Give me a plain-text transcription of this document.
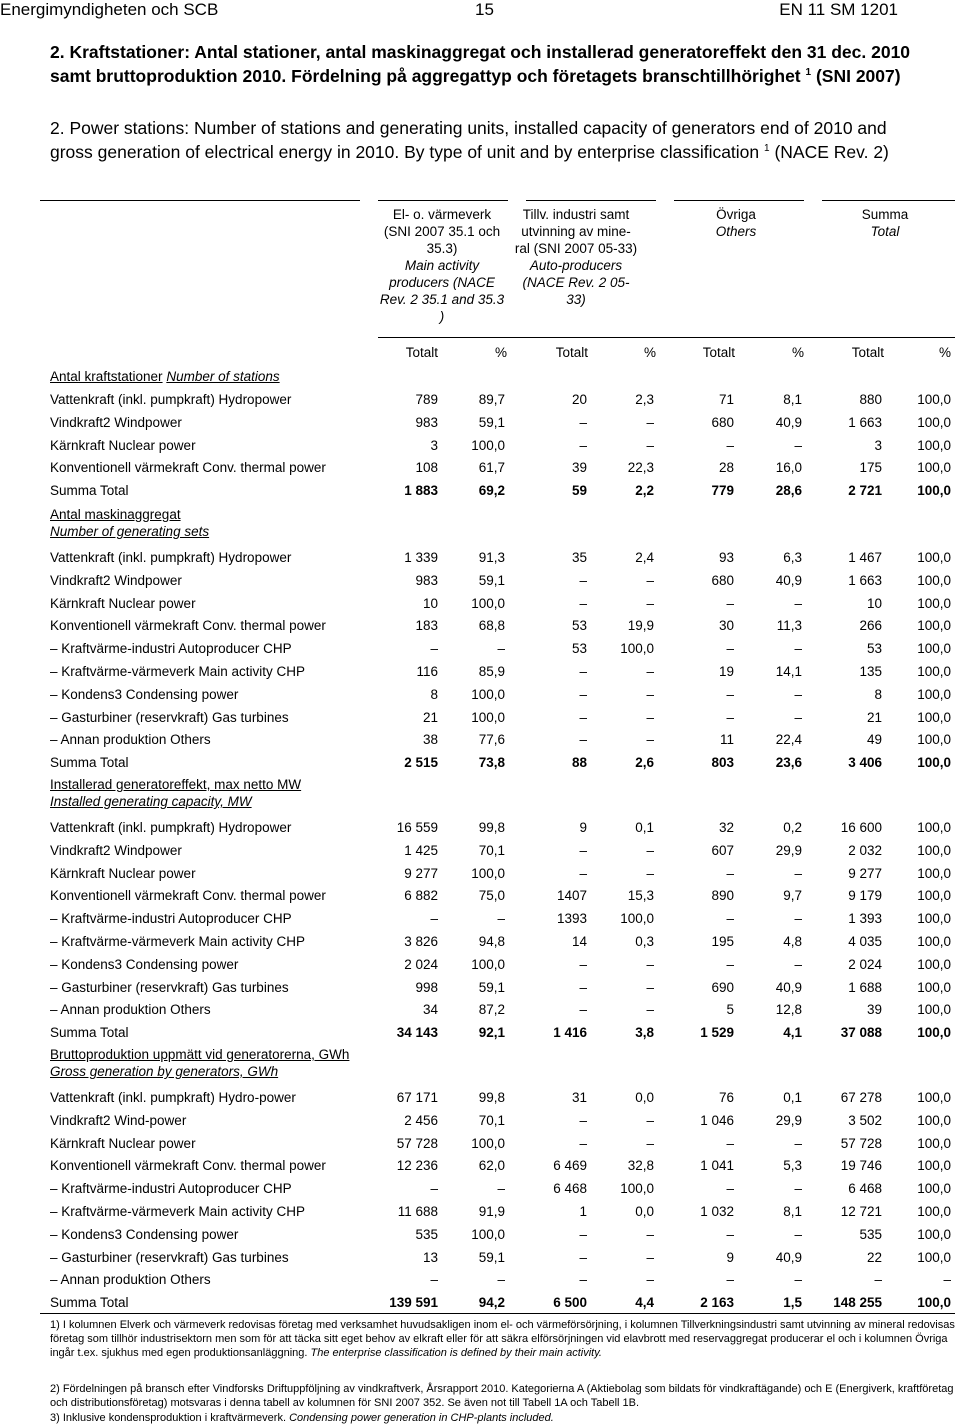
Energimyndigheten och SCB	15	EN 11 SM 1201
2. Kraftstationer: Antal stationer, antal maskinaggregat och installerad generatoreffekt den 31 dec. 2010 samt bruttoproduktion 2010. Fördelning på aggregattyp och företagets branschtillhörighet $^1$ (SNI 2007)
2. Power stations: Number of stations and generating units, installed capacity of generators end of 2010 and gross generation of electrical energy in 2010. By type of unit and by enterprise classification $^1$ (NACE Rev. 2)
El- o. värmeverk (SNI 2007 35.1 och 35.3)
Main activity producers (NACE Rev. 2 35.1 and 35.3 )
Tillv. industri samt utvinning av mine-ral (SNI 2007 05-33)
Auto-producers (NACE Rev. 2 05-33)
Övriga
Others
Summa
Total
Totalt	%	Totalt	%	Totalt	%	Totalt	%
Antal kraftstationer Number of stations
Vattenkraft (inkl. pumpkraft) Hydropower	789	89,7	20	2,3	71	8,1	880	100,0
Vindkraft2 Windpower	983	59,1	–	–	680	40,9	1 663	100,0
Kärnkraft Nuclear power	3	100,0	–	–	–	–	3	100,0
Konventionell värmekraft Conv. thermal power	108	61,7	39	22,3	28	16,0	175	100,0
Summa Total	1 883	69,2	59	2,2	779	28,6	2 721	100,0
Antal maskinaggregat
Number of generating sets
Vattenkraft (inkl. pumpkraft) Hydropower	1 339	91,3	35	2,4	93	6,3	1 467	100,0
Vindkraft2 Windpower	983	59,1	–	–	680	40,9	1 663	100,0
Kärnkraft Nuclear power	10	100,0	–	–	–	–	10	100,0
Konventionell värmekraft Conv. thermal power	183	68,8	53	19,9	30	11,3	266	100,0
– Kraftvärme-industri Autoproducer CHP	–	–	53	100,0	–	–	53	100,0
– Kraftvärme-värmeverk Main activity CHP	116	85,9	–	–	19	14,1	135	100,0
– Kondens3 Condensing power	8	100,0	–	–	–	–	8	100,0
– Gasturbiner (reservkraft) Gas turbines	21	100,0	–	–	–	–	21	100,0
– Annan produktion Others	38	77,6	–	–	11	22,4	49	100,0
Summa Total	2 515	73,8	88	2,6	803	23,6	3 406	100,0
Installerad generatoreffekt, max netto MW
Installed generating capacity, MW
Vattenkraft (inkl. pumpkraft) Hydropower	16 559	99,8	9	0,1	32	0,2	16 600	100,0
Vindkraft2 Windpower	1 425	70,1	–	–	607	29,9	2 032	100,0
Kärnkraft Nuclear power	9 277	100,0	–	–	–	–	9 277	100,0
Konventionell värmekraft Conv. thermal power	6 882	75,0	1407	15,3	890	9,7	9 179	100,0
– Kraftvärme-industri Autoproducer CHP	–	–	1393	100,0	–	–	1 393	100,0
– Kraftvärme-värmeverk Main activity CHP	3 826	94,8	14	0,3	195	4,8	4 035	100,0
– Kondens3 Condensing power	2 024	100,0	–	–	–	–	2 024	100,0
– Gasturbiner (reservkraft) Gas turbines	998	59,1	–	–	690	40,9	1 688	100,0
– Annan produktion Others	34	87,2	–	–	5	12,8	39	100,0
Summa Total	34 143	92,1	1 416	3,8	1 529	4,1	37 088	100,0
Bruttoproduktion uppmätt vid generatorerna, GWh
Gross generation by generators, GWh
Vattenkraft (inkl. pumpkraft) Hydro-power	67 171	99,8	31	0,0	76	0,1	67 278	100,0
Vindkraft2 Wind-power	2 456	70,1	–	–	1 046	29,9	3 502	100,0
Kärnkraft Nuclear power	57 728	100,0	–	–	–	–	57 728	100,0
Konventionell värmekraft Conv. thermal power	12 236	62,0	6 469	32,8	1 041	5,3	19 746	100,0
– Kraftvärme-industri Autoproducer CHP	–	–	6 468	100,0	–	–	6 468	100,0
– Kraftvärme-värmeverk Main activity CHP	11 688	91,9	1	0,0	1 032	8,1	12 721	100,0
– Kondens3 Condensing power	535	100,0	–	–	–	–	535	100,0
– Gasturbiner (reservkraft) Gas turbines	13	59,1	–	–	9	40,9	22	100,0
– Annan produktion Others	–	–	–	–	–	–	–	–
Summa Total	139 591	94,2	6 500	4,4	2 163	1,5	148 255	100,0
1) I kolumnen Elverk och värmeverk redovisas företag med verksamhet huvudsakligen inom el- och värmeförsörjning, i kolumnen Tillverkningsindustri samt utvinning av mineral redovisas företag som tillhör industrisektorn men som för att täcka sitt eget behov av elkraft eller för att säkra elförsörjningen vid elavbrott med reservaggregat producerar el och i kolumnen Övriga ingår t.ex. sjukhus med egen produktionsanläggning. The enterprise classification is defined by their main activity.
2) Fördelningen på bransch efter Vindforsks Driftuppföljning av vindkraftverk, Årsrapport 2010. Kategorierna A (Aktiebolag som bildats för vindkraftägande) och E (Energiverk, kraftföretag och distributionsföretag) motsvaras i denna tabell av kolumnen för SNI 2007 352. Se även not till Tabell 1A och Tabell 1B.
3) Inklusive kondensproduktion i kraftvärmeverk. Condensing power generation in CHP-plants included.
